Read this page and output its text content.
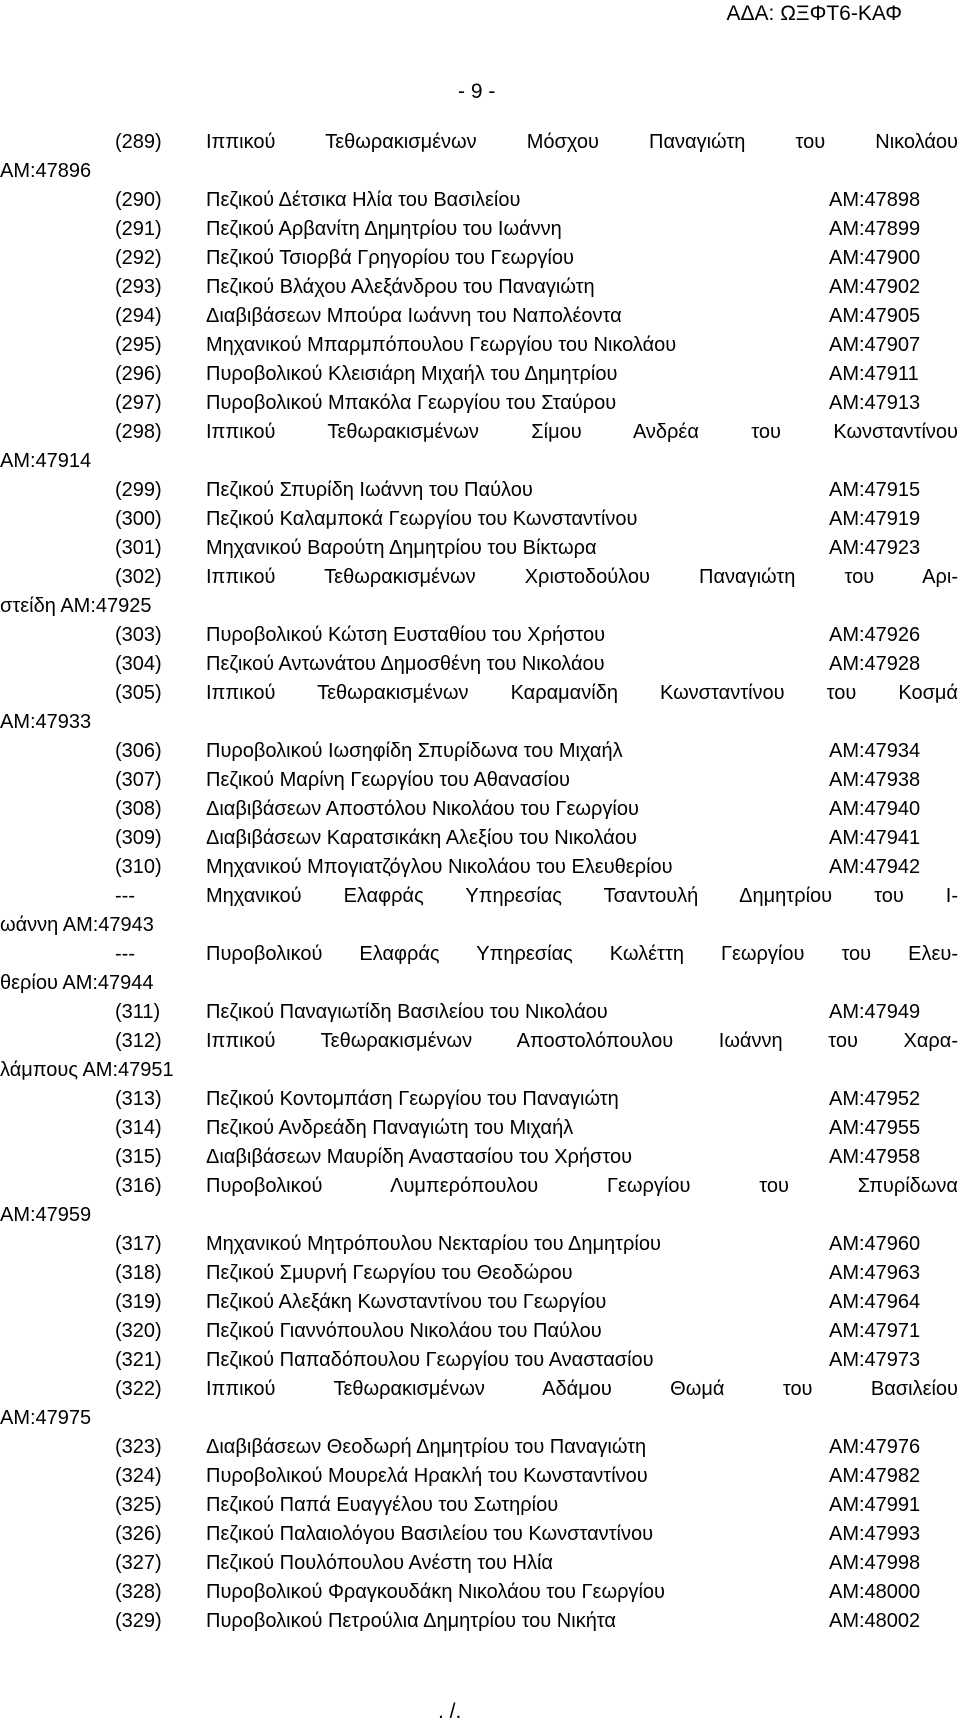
ΑΔΑ: ΩΞΦΤ6-ΚΑΦ
- 9 -
(289) Ιππικού Τεθωρακισμένων Μόσχου Παναγιώτη του Νικολάου
ΑΜ:47896
(290) Πεζικού Δέτσικα Ηλία του Βασιλείου	ΑΜ:47898
(291) Πεζικού Αρβανίτη Δημητρίου του Ιωάννη	ΑΜ:47899
(292) Πεζικού Τσιορβά Γρηγορίου του Γεωργίου	ΑΜ:47900
(293) Πεζικού Βλάχου Αλεξάνδρου του Παναγιώτη	ΑΜ:47902
(294) Διαβιβάσεων Μπούρα Ιωάννη του Ναπολέοντα	ΑΜ:47905
(295) Μηχανικού Μπαρμπόπουλου Γεωργίου του Νικολάου	ΑΜ:47907
(296) Πυροβολικού Κλεισιάρη Μιχαήλ του Δημητρίου	ΑΜ:47911
(297) Πυροβολικού Μπακόλα Γεωργίου του Σταύρου	ΑΜ:47913
(298) Ιππικού Τεθωρακισμένων Σίμου Ανδρέα του Κωνσταντίνου
ΑΜ:47914
(299) Πεζικού Σπυρίδη Ιωάννη του Παύλου	ΑΜ:47915
(300) Πεζικού Καλαμποκά Γεωργίου του Κωνσταντίνου	ΑΜ:47919
(301) Μηχανικού Βαρούτη Δημητρίου του Βίκτωρα	ΑΜ:47923
(302) Ιππικού Τεθωρακισμένων Χριστοδούλου Παναγιώτη του Αρι-
στείδη ΑΜ:47925
(303) Πυροβολικού Κώτση Ευσταθίου του Χρήστου	ΑΜ:47926
(304) Πεζικού Αντωνάτου Δημοσθένη του Νικολάου	ΑΜ:47928
(305) Ιππικού Τεθωρακισμένων Καραμανίδη Κωνσταντίνου του Κοσμά
ΑΜ:47933
(306) Πυροβολικού Ιωσηφίδη Σπυρίδωνα του Μιχαήλ	ΑΜ:47934
(307) Πεζικού Μαρίνη Γεωργίου του Αθανασίου	ΑΜ:47938
(308) Διαβιβάσεων Αποστόλου Νικολάου του Γεωργίου	ΑΜ:47940
(309) Διαβιβάσεων Καρατσικάκη Αλεξίου του Νικολάου	ΑΜ:47941
(310) Μηχανικού Μπογιατζόγλου Νικολάου του Ελευθερίου	ΑΜ:47942
---	Μηχανικού Ελαφράς Υπηρεσίας Τσαντουλή Δημητρίου του Ι-
ωάννη ΑΜ:47943
---	Πυροβολικού Ελαφράς Υπηρεσίας Κωλέττη Γεωργίου του Ελευ-
θερίου ΑΜ:47944
(311) Πεζικού Παναγιωτίδη Βασιλείου του Νικολάου	ΑΜ:47949
(312) Ιππικού Τεθωρακισμένων Αποστολόπουλου Ιωάννη του Χαρα-
λάμπους ΑΜ:47951
(313) Πεζικού Κοντομπάση Γεωργίου του Παναγιώτη	ΑΜ:47952
(314) Πεζικού Ανδρεάδη Παναγιώτη του Μιχαήλ	ΑΜ:47955
(315) Διαβιβάσεων Μαυρίδη Αναστασίου του Χρήστου	ΑΜ:47958
(316) Πυροβολικού Λυμπερόπουλου Γεωργίου του Σπυρίδωνα
ΑΜ:47959
(317) Μηχανικού Μητρόπουλου Νεκταρίου του Δημητρίου	ΑΜ:47960
(318) Πεζικού Σμυρνή Γεωργίου του Θεοδώρου	ΑΜ:47963
(319) Πεζικού Αλεξάκη Κωνσταντίνου του Γεωργίου	ΑΜ:47964
(320) Πεζικού Γιαννόπουλου Νικολάου του Παύλου	ΑΜ:47971
(321) Πεζικού Παπαδόπουλου Γεωργίου του Αναστασίου	ΑΜ:47973
(322) Ιππικού Τεθωρακισμένων Αδάμου Θωμά του Βασιλείου
ΑΜ:47975
(323) Διαβιβάσεων Θεοδωρή Δημητρίου του Παναγιώτη	ΑΜ:47976
(324) Πυροβολικού Μουρελά Ηρακλή του Κωνσταντίνου	ΑΜ:47982
(325) Πεζικού Παπά Ευαγγέλου του Σωτηρίου	ΑΜ:47991
(326) Πεζικού Παλαιολόγου Βασιλείου του Κωνσταντίνου	ΑΜ:47993
(327) Πεζικού Πουλόπουλου Ανέστη του Ηλία	ΑΜ:47998
(328) Πυροβολικού Φραγκουδάκη Νικολάου του Γεωργίου	ΑΜ:48000
(329) Πυροβολικού Πετρούλια Δημητρίου του Νικήτα	ΑΜ:48002
. /.
